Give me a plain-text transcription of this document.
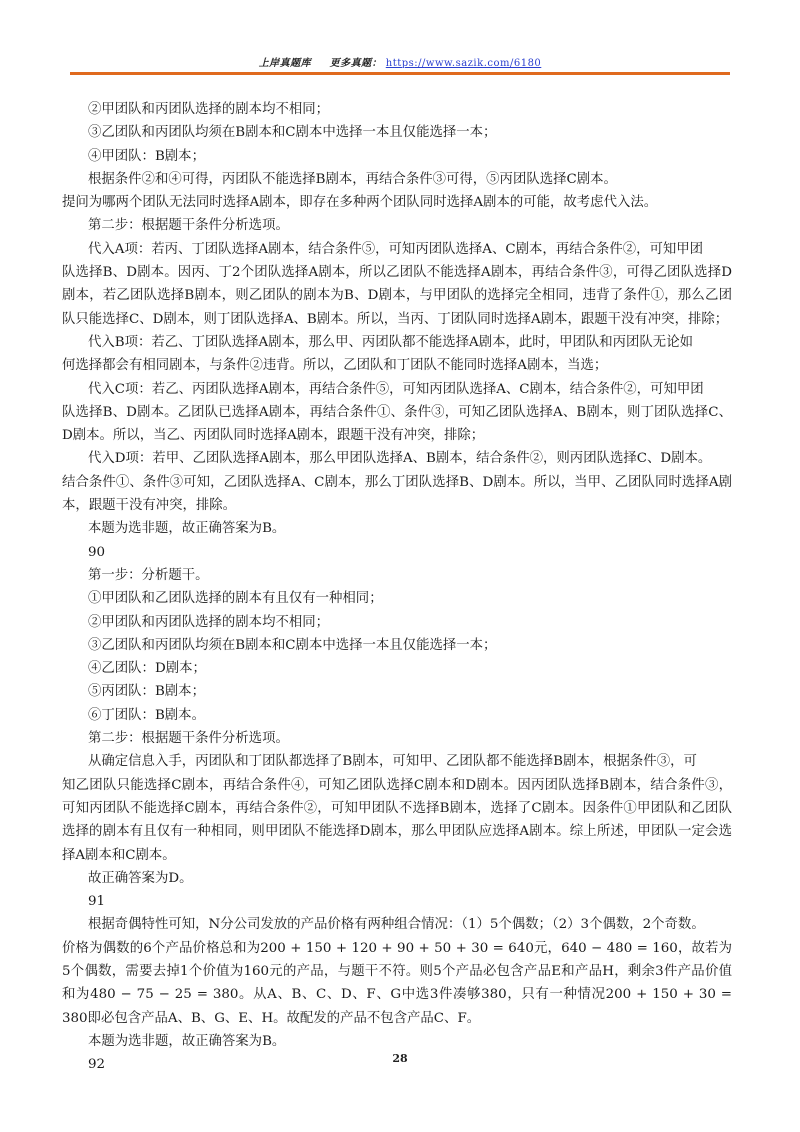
上岸真题库 更多真题： https://www.sazik.com/6180

②甲团队和丙团队选择的剧本均不相同；

③乙团队和丙团队均须在B剧本和C剧本中选择一本且仅能选择一本；

④甲团队：B剧本；

根据条件②和④可得，丙团队不能选择B剧本，再结合条件③可得，⑤丙团队选择C剧本。

提问为哪两个团队无法同时选择A剧本，即存在多种两个团队同时选择A剧本的可能，故考虑代入法。

第二步：根据题干条件分析选项。

代入A项：若丙、丁团队选择A剧本，结合条件⑤，可知丙团队选择A、C剧本，再结合条件②，可知甲团

队选择B、D剧本。因丙、丁2个团队选择A剧本，所以乙团队不能选择A剧本，再结合条件③，可得乙团队选择D剧本，若乙团队选择B剧本，则乙团队的剧本为B、D剧本，与甲团队的选择完全相同，违背了条件①，那么乙团队只能选择C、D剧本，则丁团队选择A、B剧本。所以，当丙、丁团队同时选择A剧本，跟题干没有冲突，排除；

代入B项：若乙、丁团队选择A剧本，那么甲、丙团队都不能选择A剧本，此时，甲团队和丙团队无论如

何选择都会有相同剧本，与条件②违背。所以，乙团队和丁团队不能同时选择A剧本，当选；

代入C项：若乙、丙团队选择A剧本，再结合条件⑤，可知丙团队选择A、C剧本，结合条件②，可知甲团

队选择B、D剧本。乙团队已选择A剧本，再结合条件①、条件③，可知乙团队选择A、B剧本，则丁团队选择C、D剧本。所以，当乙、丙团队同时选择A剧本，跟题干没有冲突，排除；

代入D项：若甲、乙团队选择A剧本，那么甲团队选择A、B剧本，结合条件②，则丙团队选择C、D剧本。

结合条件①、条件③可知，乙团队选择A、C剧本，那么丁团队选择B、D剧本。所以，当甲、乙团队同时选择A剧本，跟题干没有冲突，排除。

本题为选非题，故正确答案为B。

90

第一步：分析题干。

①甲团队和乙团队选择的剧本有且仅有一种相同；

②甲团队和丙团队选择的剧本均不相同；

③乙团队和丙团队均须在B剧本和C剧本中选择一本且仅能选择一本；

④乙团队：D剧本；

⑤丙团队：B剧本；

⑥丁团队：B剧本。

第二步：根据题干条件分析选项。

从确定信息入手，丙团队和丁团队都选择了B剧本，可知甲、乙团队都不能选择B剧本，根据条件③，可

知乙团队只能选择C剧本，再结合条件④，可知乙团队选择C剧本和D剧本。因丙团队选择B剧本，结合条件③，可知丙团队不能选择C剧本，再结合条件②，可知甲团队不选择B剧本，选择了C剧本。因条件①甲团队和乙团队选择的剧本有且仅有一种相同，则甲团队不能选择D剧本，那么甲团队应选择A剧本。综上所述，甲团队一定会选择A剧本和C剧本。

故正确答案为D。

91

根据奇偶特性可知，N分公司发放的产品价格有两种组合情况：（1）5个偶数；（2）3个偶数，2个奇数。

价格为偶数的6个产品价格总和为200 + 150 + 120 + 90 + 50 + 30 = 640元，640 − 480 = 160，故若为5个偶数，需要去掉1个价值为160元的产品，与题干不符。则5个产品必包含产品E和产品H，剩余3件产品价值和为480 − 75 − 25 = 380。从A、B、C、D、F、G中选3件凑够380，只有一种情况200 + 150 + 30 = 380即必包含产品A、B、G、E、H。故配发的产品不包含产品C、F。

本题为选非题，故正确答案为B。

92	28
